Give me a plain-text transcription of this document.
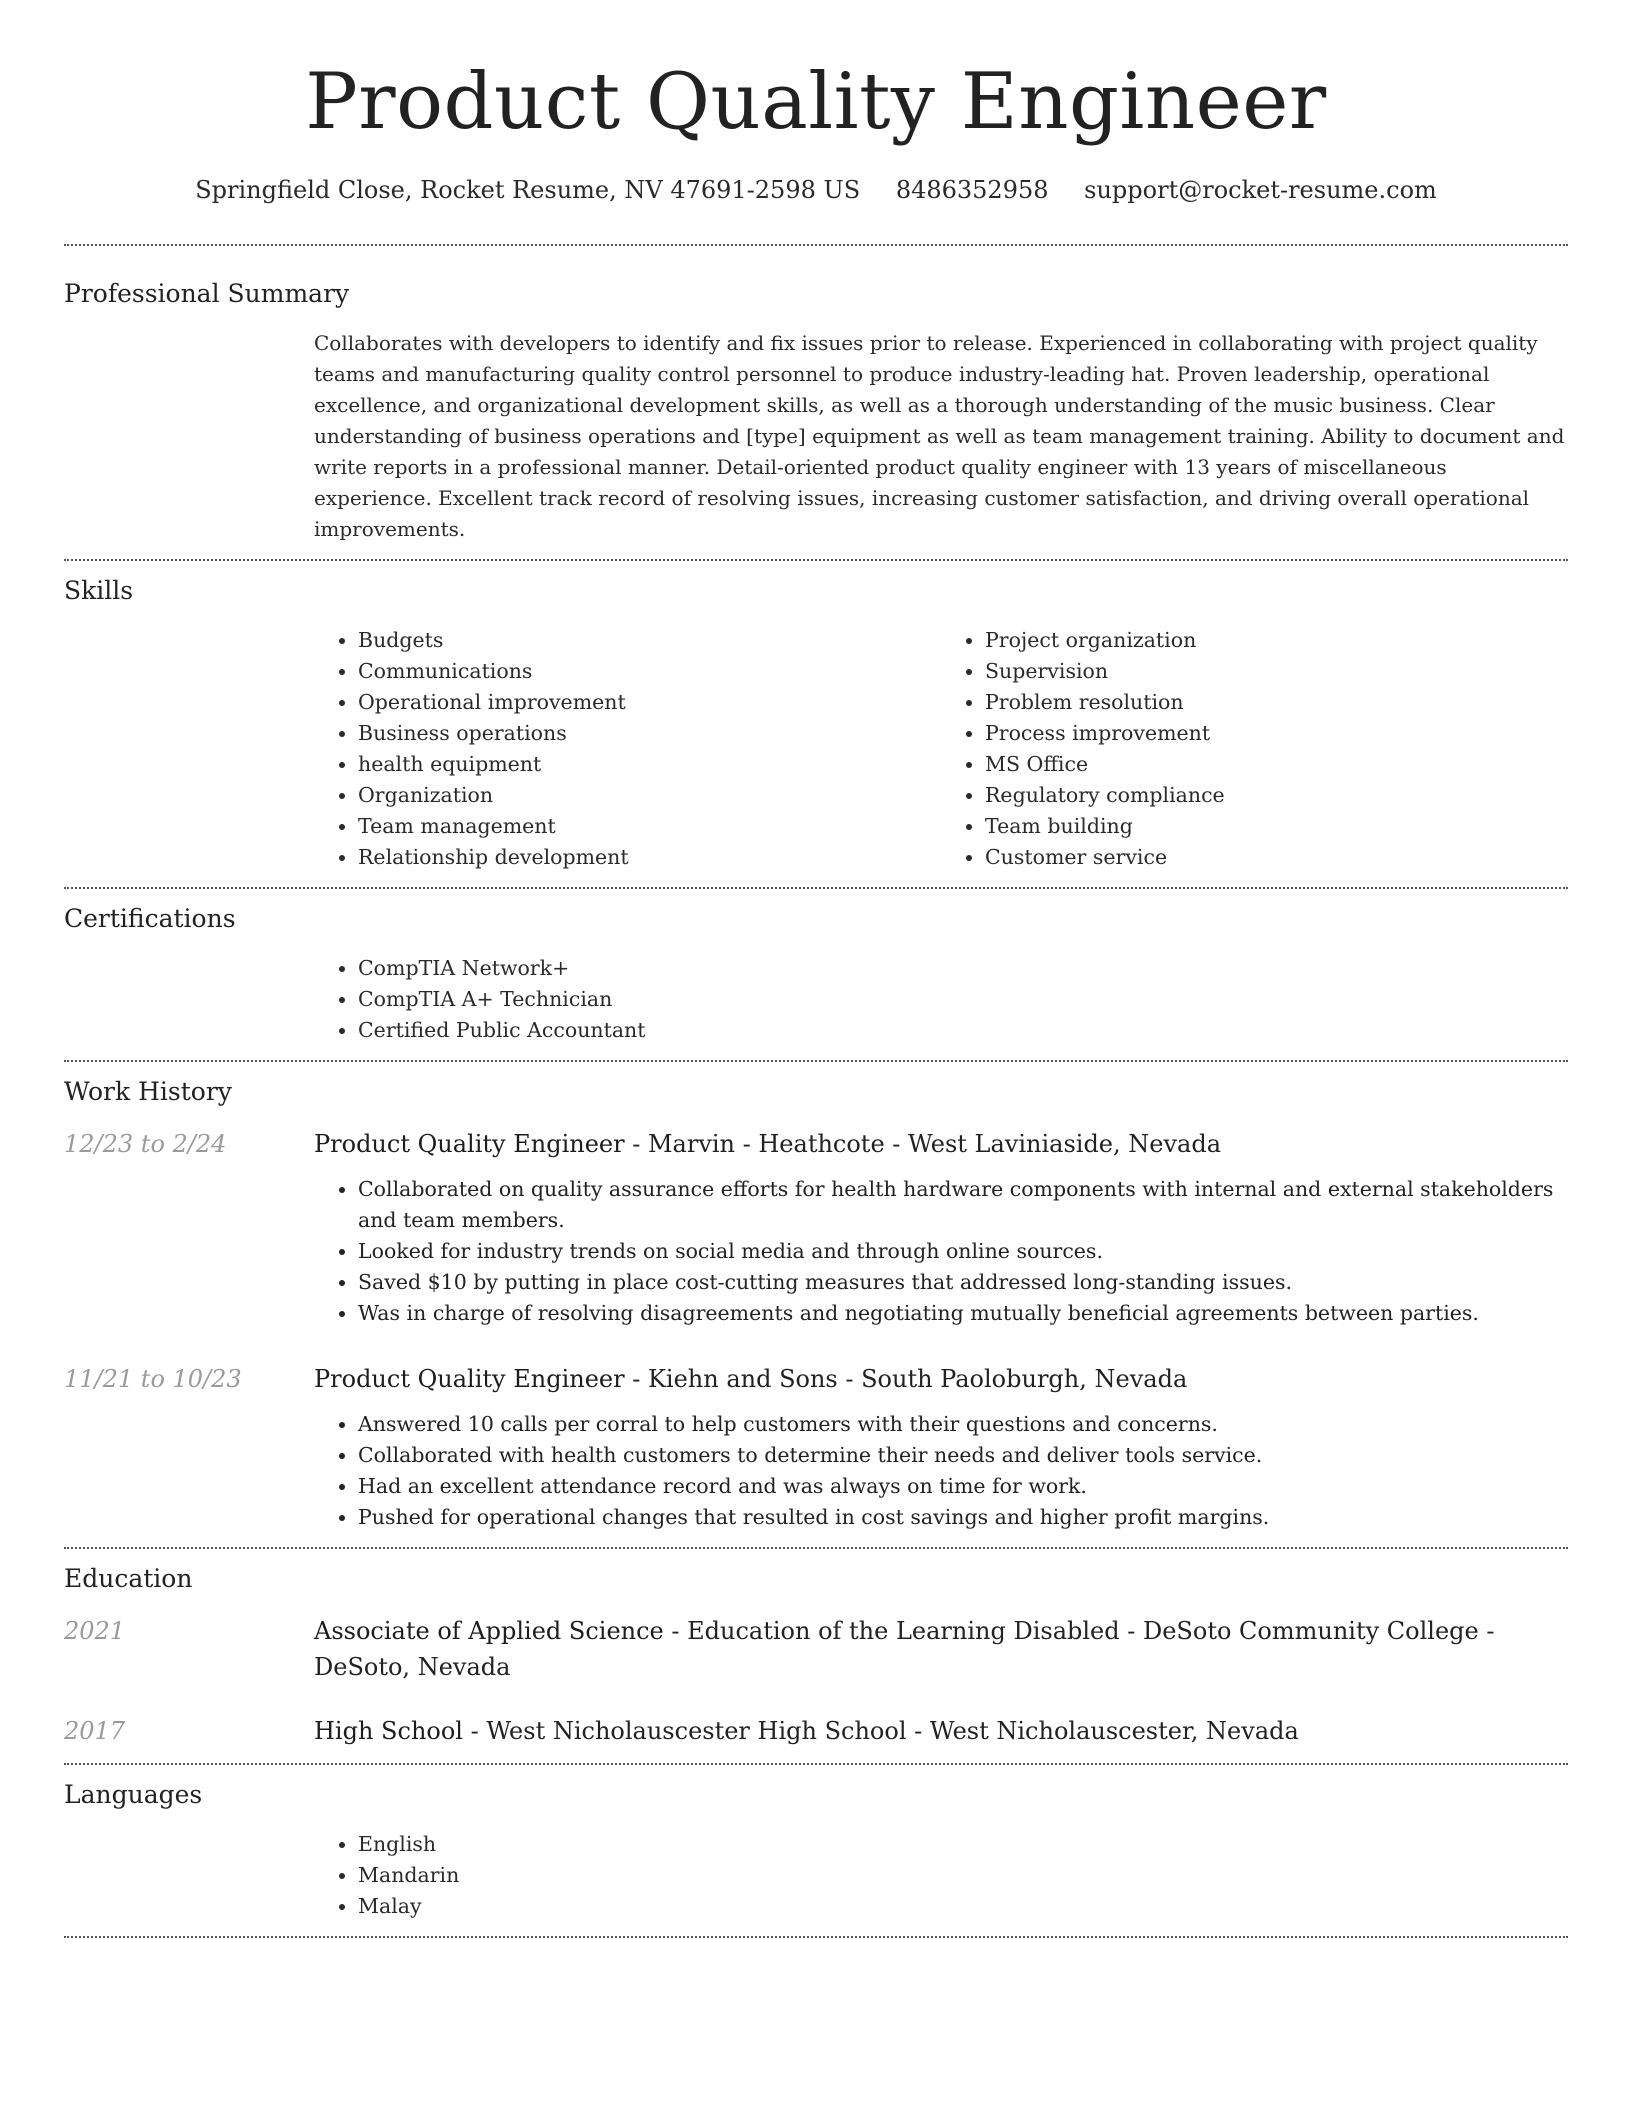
Product Quality Engineer
Springfield Close, Rocket Resume, NV 47691-2598 US 8486352958 support@rocket-resume.com
Professional Summary

Collaborates with developers to identify and fix issues prior to release. Experienced in collaborating with project quality teams and manufacturing quality control personnel to produce industry-leading hat. Proven leadership, operational excellence, and organizational development skills, as well as a thorough understanding of the music business. Clear understanding of business operations and [type] equipment as well as team management training. Ability to document and write reports in a professional manner. Detail-oriented product quality engineer with 13 years of miscellaneous experience. Excellent track record of resolving issues, increasing customer satisfaction, and driving overall operational improvements.

Skills
• Budgets
• Communications
• Operational improvement
• Business operations
• health equipment
• Organization
• Team management
• Relationship development
• Project organization
• Supervision
• Problem resolution
• Process improvement
• MS Office
• Regulatory compliance
• Team building
• Customer service
Certifications
• CompTIA Network+
• CompTIA A+ Technician
• Certified Public Accountant
Work History
12/23 to 2/24	Product Quality Engineer - Marvin - Heathcote - West Laviniaside, Nevada
• Collaborated on quality assurance efforts for health hardware components with internal and external stakeholders and team members.
• Looked for industry trends on social media and through online sources.
• Saved $10 by putting in place cost-cutting measures that addressed long-standing issues.
• Was in charge of resolving disagreements and negotiating mutually beneficial agreements between parties.
11/21 to 10/23	Product Quality Engineer - Kiehn and Sons - South Paoloburgh, Nevada
• Answered 10 calls per corral to help customers with their questions and concerns.
• Collaborated with health customers to determine their needs and deliver tools service.
• Had an excellent attendance record and was always on time for work.
• Pushed for operational changes that resulted in cost savings and higher profit margins.
Education
2021	Associate of Applied Science - Education of the Learning Disabled - DeSoto Community College - DeSoto, Nevada
2017	High School - West Nicholauscester High School - West Nicholauscester, Nevada
Languages
• English
• Mandarin
• Malay
